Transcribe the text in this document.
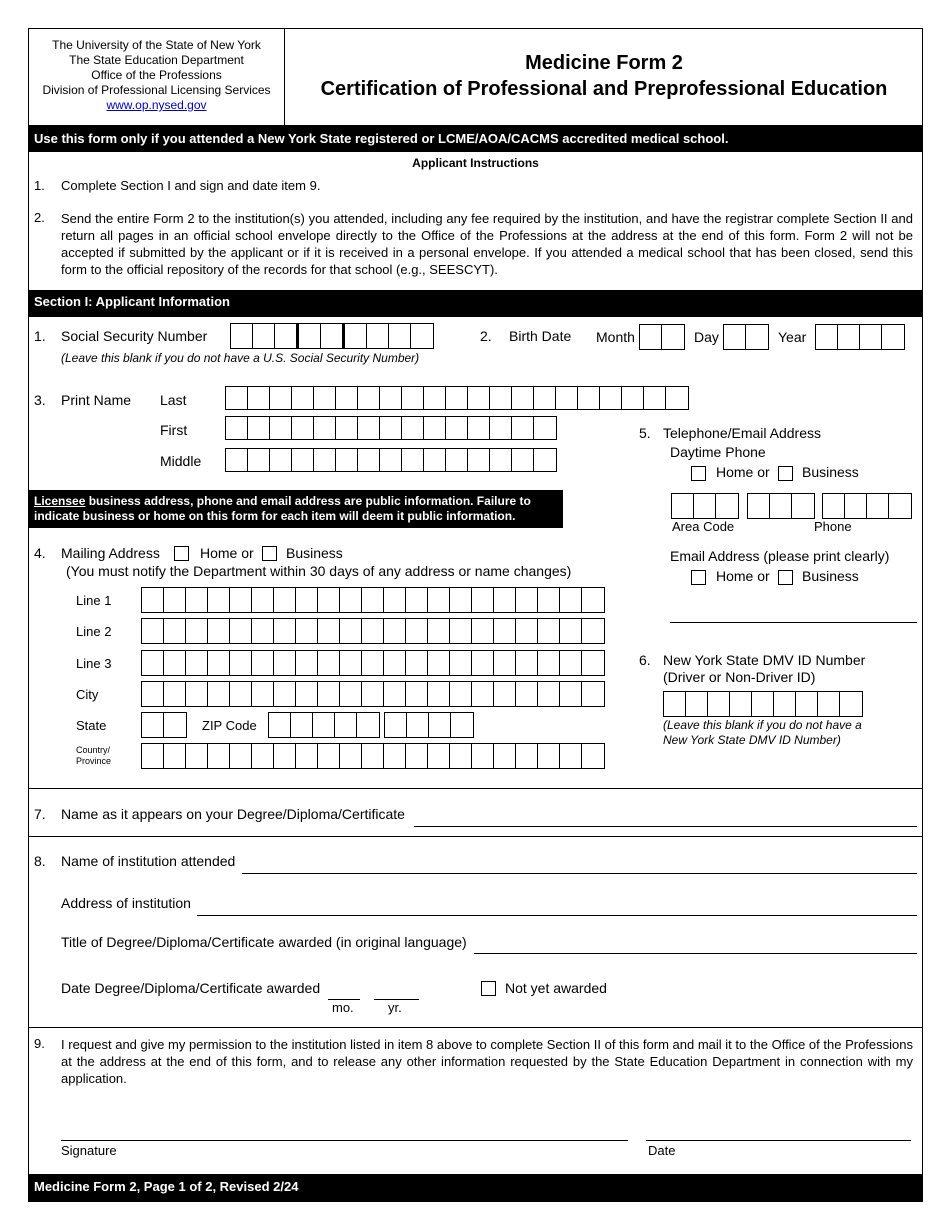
The University of the State of New York
The State Education Department
Office of the Professions
Division of Professional Licensing Services
www.op.nysed.gov
Medicine Form 2
Certification of Professional and Preprofessional Education
Use this form only if you attended a New York State registered or LCME/AOA/CACMS accredited medical school.
Applicant Instructions
1. Complete Section I and sign and date item 9.
2. Send the entire Form 2 to the institution(s) you attended, including any fee required by the institution, and have the registrar complete Section II and return all pages in an official school envelope directly to the Office of the Professions at the address at the end of this form. Form 2 will not be accepted if submitted by the applicant or if it is received in a personal envelope. If you attended a medical school that has been closed, send this form to the official repository of the records for that school (e.g., SEESCYT).
Section I: Applicant Information
1. Social Security Number
(Leave this blank if you do not have a U.S. Social Security Number)
2. Birth Date Month	Day	Year
3. Print Name Last
First
Middle
Licensee business address, phone and email address are public information. Failure to indicate business or home on this form for each item will deem it public information.
5. Telephone/Email Address
Daytime Phone
Home or Business
Area Code	Phone
Email Address (please print clearly)
Home or Business
4. Mailing Address	Home or Business
(You must notify the Department within 30 days of any address or name changes)
Line 1
Line 2
Line 3
City
State	ZIP Code
Country/
Province
6. New York State DMV ID Number
(Driver or Non-Driver ID)
(Leave this blank if you do not have a
New York State DMV ID Number)
7. Name as it appears on your Degree/Diploma/Certificate
8. Name of institution attended
Address of institution
Title of Degree/Diploma/Certificate awarded (in original language)
Date Degree/Diploma/Certificate awarded
mo.	yr.
Not yet awarded
9. I request and give my permission to the institution listed in item 8 above to complete Section II of this form and mail it to the Office of the Professions at the address at the end of this form, and to release any other information requested by the State Education Department in connection with my application.
Signature	Date
Medicine Form 2, Page 1 of 2, Revised 2/24
